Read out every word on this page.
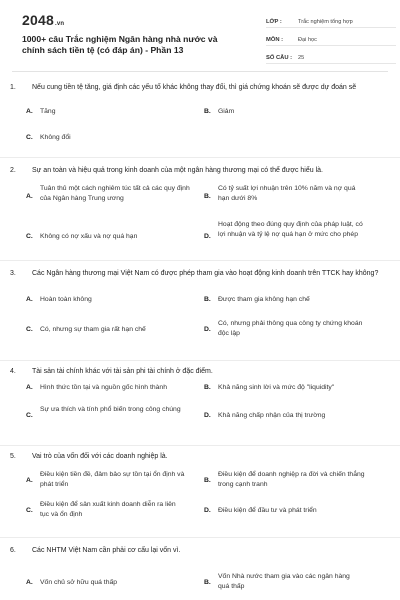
2048.vn
1000+ câu Trắc nghiệm Ngân hàng nhà nước và chính sách tiền tệ (có đáp án) - Phần 13
LỚP :	Trắc nghiệm tổng hợp
MÔN :	Đại học
SỐ CÂU :	25
1. Nếu cung tiền tệ tăng, giá định các yếu tố khác không thay đổi, thì giá chứng khoán sẽ được dự đoán sẽ
A. Tăng	B. Giảm
C. Không đổi
2. Sự an toàn và hiệu quả trong kinh doanh của một ngân hàng thương mại có thể được hiểu là.
A.
Tuân thủ một cách nghiêm túc tất cả các quy định của Ngân hàng Trung ương	B.
Có tỷ suất lợi nhuận trên 10% năm và nợ quá hạn dưới 8%
C. Không có nợ xấu và nợ quá hạn	D.
Hoạt động theo đúng quy định của pháp luật, có lợi nhuận và tỷ lệ nợ quá hạn ở mức cho phép
3. Các Ngân hàng thương mại Việt Nam có được phép tham gia vào hoạt động kinh doanh trên TTCK hay không?
A. Hoàn toàn không	B. Được tham gia không hạn chế
C. Có, nhưng sự tham gia rất hạn chế	D.
Có, nhưng phải thông qua công ty chứng khoán độc lập
4. Tài sản tài chính khác với tài sản phi tài chính ở đặc điểm.
A. Hình thức tồn tại và nguồn gốc hình thành	B. Khả năng sinh lời và mức độ "liquidity"
C.
Sự ưa thích và tính phổ biến trong công chúng
D. Khả năng chấp nhận của thị trường
5. Vai trò của vốn đối với các doanh nghiệp là.
A.
Điều kiện tiền đề, đảm bảo sự tồn tại ổn định và phát triển
B.
Điều kiện để doanh nghiệp ra đời và chiến thắng trong cạnh tranh
C.
Điều kiện để sản xuất kinh doanh diễn ra liên tục và ổn định
D. Điều kiện để đầu tư và phát triển
6. Các NHTM Việt Nam cần phải cơ cấu lại vốn vì.
A. Vốn chủ sở hữu quá thấp	B.
Vốn Nhà nước tham gia vào các ngân hàng quá thấp
